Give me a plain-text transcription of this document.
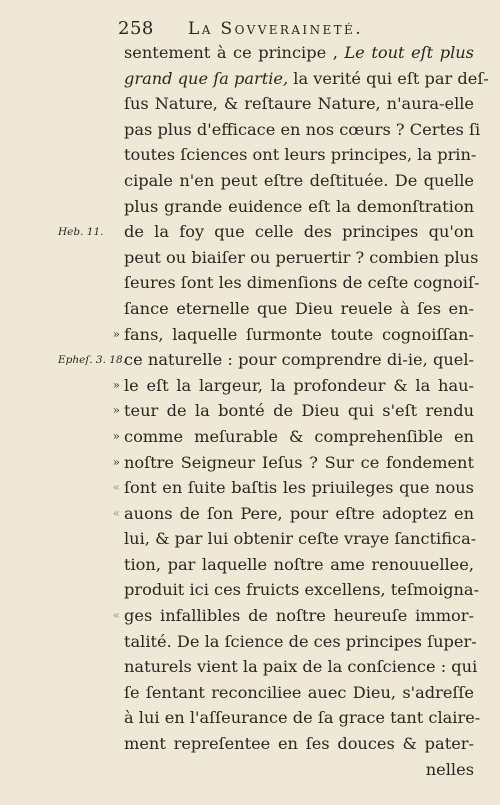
258 La Sovveraineté.
sentement à ce principe , Le tout eſt plus
grand que ſa partie, la verité qui eſt par deſ-
ſus Nature, & reſtaure Nature, n'aura-elle
pas plus d'efficace en nos cœurs ? Certes ſi
toutes ſciences ont leurs principes, la prin-
cipale n'en peut eſtre deſtituée. De quelle
plus grande euidence eſt la demonſtration
Heb. 11. de la foy que celle des principes qu'on
peut ou biaiſer ou peruertir ? combien plus
ſeures ſont les dimenſions de ceſte cognoiſ-
ſance eternelle que Dieu reuele à ſes en-
» fans, laquelle ſurmonte toute cognoiſſan-
Epheſ. 3. 18.
ce naturelle : pour comprendre di-ie, quel-
» le eſt la largeur, la profondeur & la hau-
» teur de la bonté de Dieu qui s'eſt rendu
» comme meſurable & comprehenſible en
» noſtre Seigneur Ieſus ? Sur ce fondement
« ſont en ſuite baſtis les priuileges que nous
« auons de ſon Pere, pour eſtre adoptez en
lui, & par lui obtenir ceſte vraye ſanctifica-
tion, par laquelle noſtre ame renouuellee,
produit ici ces fruicts excellens, teſmoigna-
« ges infallibles de noſtre heureuſe immor-
talité. De la ſcience de ces principes ſuper-
naturels vient la paix de la conſcience : qui
ſe ſentant reconciliee auec Dieu, s'adreſſe
à lui en l'aſſeurance de ſa grace tant claire-
ment repreſentee en ſes douces & pater-
nelles
